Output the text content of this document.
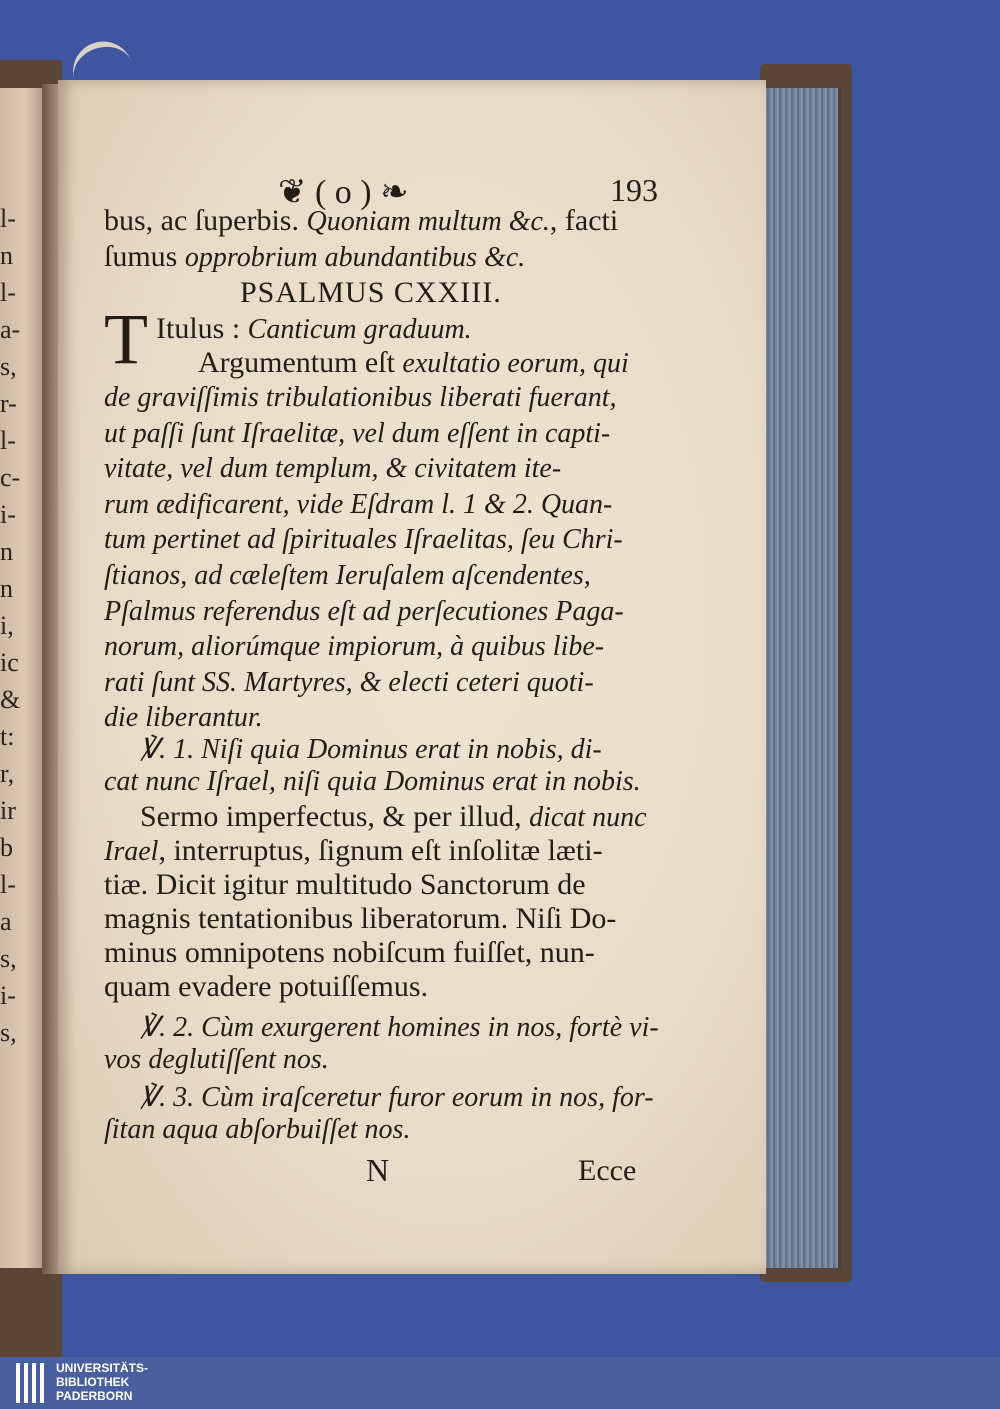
l-
n
l-
a-
s,
r-
l-
c-
i-
n
n
i,
ic
&
t:
r,
ir
b
l-
a
s,
i-
s,
❦ ( o ) ❧	193
bus, ac ſuperbis. Quoniam multum &c., facti
ſumus opprobrium abundantibus &c.
PSALMUS CXXIII.
T Itulus : Canticum graduum.
Argumentum eſt exultatio eorum, qui
de graviſſimis tribulationibus liberati fuerant,
ut paſſi ſunt Iſraelitæ, vel dum eſſent in capti-
vitate, vel dum templum, & civitatem ite-
rum ædificarent, vide Eſdram l. 1 & 2. Quan-
tum pertinet ad ſpirituales Iſraelitas, ſeu Chri-
ſtianos, ad cæleſtem Ieruſalem aſcendentes,
Pſalmus referendus eſt ad perſecutiones Paga-
norum, aliorúmque impiorum, à quibus libe-
rati ſunt SS. Martyres, & electi ceteri quoti-
die liberantur.
℣. 1. Niſi quia Dominus erat in nobis, di-
cat nunc Iſrael, niſi quia Dominus erat in nobis.
Sermo imperfectus, & per illud, dicat nunc
Irael, interruptus, ſignum eſt inſolitæ læti-
tiæ. Dicit igitur multitudo Sanctorum de
magnis tentationibus liberatorum. Niſi Do-
minus omnipotens nobiſcum fuiſſet, nun-
quam evadere potuiſſemus.
℣. 2. Cùm exurgerent homines in nos, fortè vi-
vos deglutiſſent nos.
℣. 3. Cùm iraſceretur furor eorum in nos, for-
ſitan aqua abſorbuiſſet nos.
N	Ecce
UNIVERSITÄTS-
BIBLIOTHEK
PADERBORN
